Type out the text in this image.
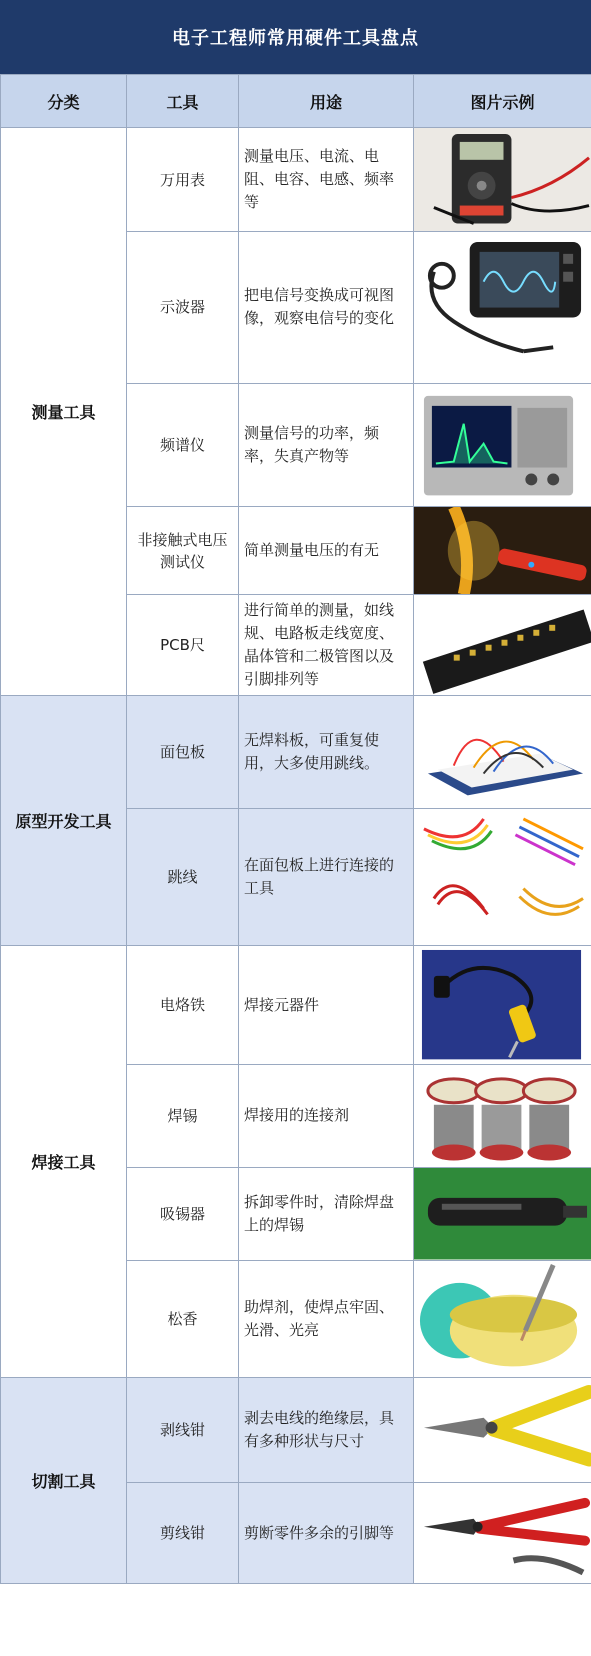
电子工程师常用硬件工具盘点
分类	工具	用途	图片示例
测量工具	万用表	测量电压、电流、电阻、电容、电感、频率等	

	示波器	把电信号变换成可视图像，观察电信号的变化	

	频谱仪	测量信号的功率，频率，失真产物等	

	非接触式电压测试仪	简单测量电压的有无	

	PCB尺	进行简单的测量，如线规、电路板走线宽度、晶体管和二极管图以及引脚排列等	

原型开发工具	面包板	无焊料板，可重复使用，大多使用跳线。	

	跳线	在面包板上进行连接的工具	

焊接工具	电烙铁	焊接元器件	

	焊锡	焊接用的连接剂	

	吸锡器	拆卸零件时，清除焊盘上的焊锡	

	松香	助焊剂，使焊点牢固、光滑、光亮	

切割工具	剥线钳	剥去电线的绝缘层，具有多种形状与尺寸	

	剪线钳	剪断零件多余的引脚等	
